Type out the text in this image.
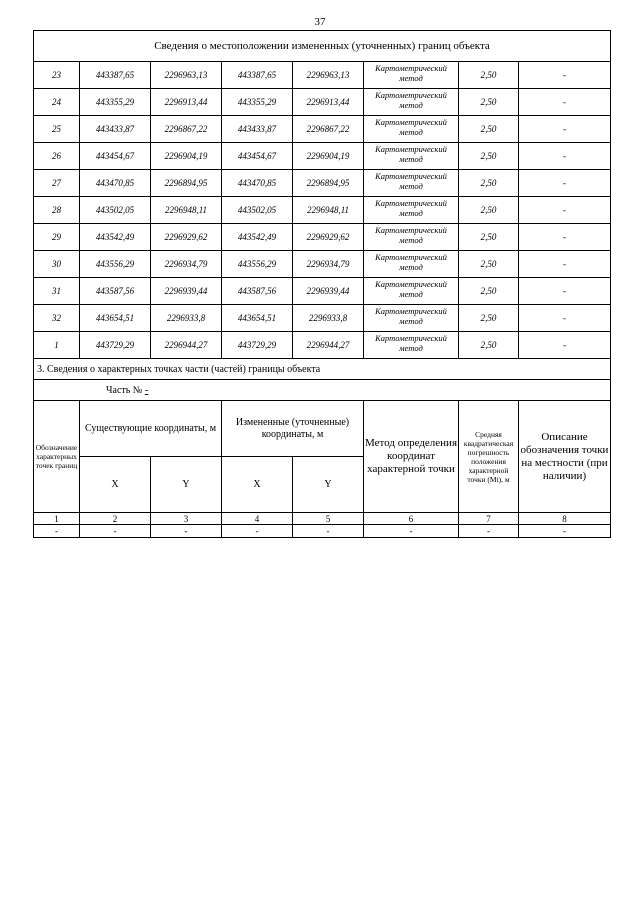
37
Сведения о местоположении измененных (уточненных) границ объекта							
23	443387,65	2296963,13	443387,65	2296963,13	Картометрический метод	2,50	-
24	443355,29	2296913,44	443355,29	2296913,44	Картометрический метод	2,50	-
25	443433,87	2296867,22	443433,87	2296867,22	Картометрический метод	2,50	-
26	443454,67	2296904,19	443454,67	2296904,19	Картометрический метод	2,50	-
27	443470,85	2296894,95	443470,85	2296894,95	Картометрический метод	2,50	-
28	443502,05	2296948,11	443502,05	2296948,11	Картометрический метод	2,50	-
29	443542,49	2296929,62	443542,49	2296929,62	Картометрический метод	2,50	-
30	443556,29	2296934,79	443556,29	2296934,79	Картометрический метод	2,50	-
31	443587,56	2296939,44	443587,56	2296939,44	Картометрический метод	2,50	-
32	443654,51	2296933,8	443654,51	2296933,8	Картометрический метод	2,50	-
1	443729,29	2296944,27	443729,29	2296944,27	Картометрический метод	2,50	-
3. Сведения о характерных точках части (частей) границы объекта							
Часть № -							

Обозначение характерных точек границ	Существующие координаты, м		Измененные (уточненные) координаты, м		Метод определения координат характерной точки	Средняя квадратическая погрешность положения характерной точки (Mt), м	Описание обозначения точки на местности (при наличии)

	X	Y	X	Y			
1	2	3	4	5	6	7	8
-	-	-	-	-	-	-	-
